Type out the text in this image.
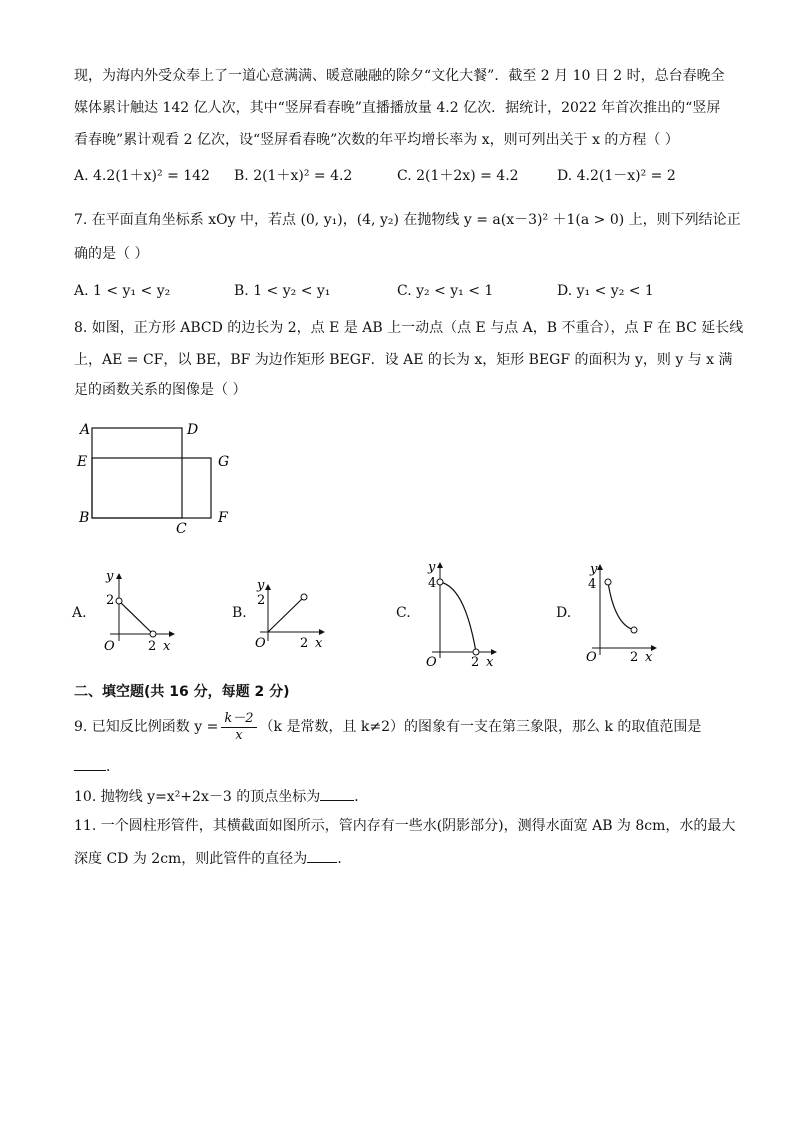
现，为海内外受众奉上了一道心意满满、暖意融融的除夕“文化大餐”．截至 2 月 10 日 2 时，总台春晚全
媒体累计触达 142 亿人次，其中“竖屏看春晚”直播播放量 4.2 亿次．据统计，2022 年首次推出的“竖屏
看春晚”累计观看 2 亿次，设“竖屏看春晚”次数的年平均增长率为 x，则可列出关于 x 的方程（ ）
A. 4.2(1＋x)² = 142 B. 2(1＋x)² = 4.2	C. 2(1＋2x) = 4.2	D. 4.2(1－x)² = 2
7. 在平面直角坐标系 xOy 中，若点 (0, y₁)，(4, y₂) 在抛物线 y = a(x－3)² ＋1(a > 0) 上，则下列结论正
确的是（ ）
A. 1 < y₁ < y₂	B. 1 < y₂ < y₁	C. y₂ < y₁ < 1	D. y₁ < y₂ < 1
8. 如图，正方形 ABCD 的边长为 2，点 E 是 AB 上一动点（点 E 与点 A，B 不重合），点 F 在 BC 延长线
上，AE = CF，以 BE，BF 为边作矩形 BEGF．设 AE 的长为 x，矩形 BEGF 的面积为 y，则 y 与 x 满
足的函数关系的图像是（ ）
A	D
E	G
B
C
F
A.	B.	C.	D.
y
2
O	2 x
y
2
O	2 x
y
4
O	2 x
y
4
O	2 x
二、填空题(共 16 分，每题 2 分)
9. 已知反比例函数 $y = \frac{k-2}{x} (k$ 是常数，且 k≠2）的图象有一支在第三象限，那么 k 的取值范围是
．
10. 抛物线 y=x²+2x－3 的顶点坐标为 ．
11. 一个圆柱形管件，其横截面如图所示，管内存有一些水(阴影部分)，测得水面宽 AB 为 8cm，水的最大
深度 CD 为 2cm，则此管件的直径为 ．
